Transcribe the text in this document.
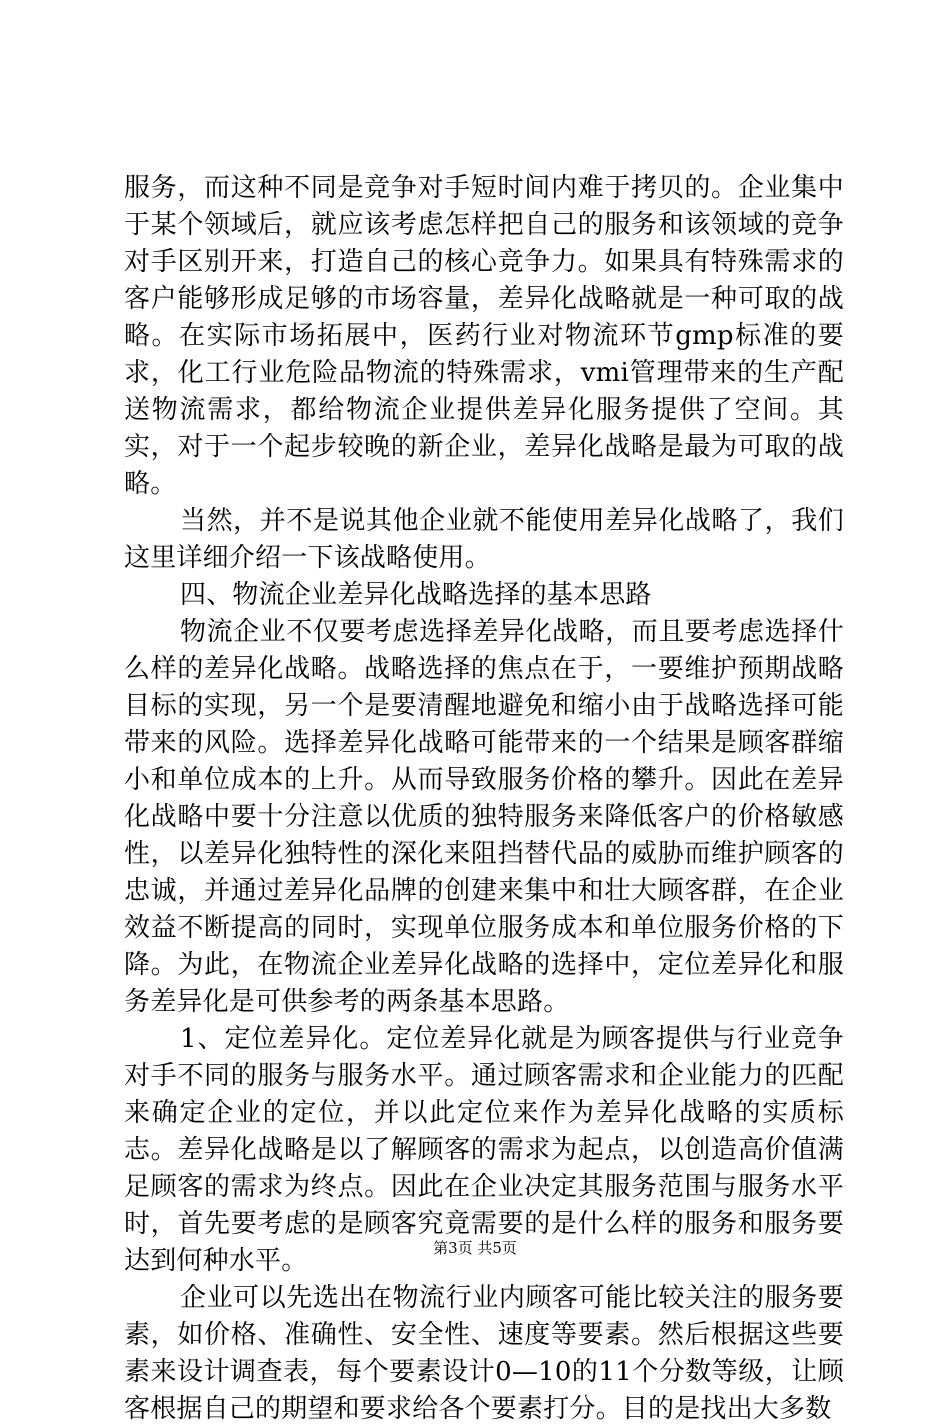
服务，而这种不同是竞争对手短时间内难于拷贝的。企业集中于某个领域后，就应该考虑怎样把自己的服务和该领域的竞争对手区别开来，打造自己的核心竞争力。如果具有特殊需求的客户能够形成足够的市场容量，差异化战略就是一种可取的战略。在实际市场拓展中，医药行业对物流环节gmp标准的要求，化工行业危险品物流的特殊需求，vmi管理带来的生产配送物流需求，都给物流企业提供差异化服务提供了空间。其实，对于一个起步较晚的新企业，差异化战略是最为可取的战略。

当然，并不是说其他企业就不能使用差异化战略了，我们这里详细介绍一下该战略使用。

四、物流企业差异化战略选择的基本思路

物流企业不仅要考虑选择差异化战略，而且要考虑选择什么样的差异化战略。战略选择的焦点在于，一要维护预期战略目标的实现，另一个是要清醒地避免和缩小由于战略选择可能带来的风险。选择差异化战略可能带来的一个结果是顾客群缩小和单位成本的上升。从而导致服务价格的攀升。因此在差异化战略中要十分注意以优质的独特服务来降低客户的价格敏感性，以差异化独特性的深化来阻挡替代品的威胁而维护顾客的忠诚，并通过差异化品牌的创建来集中和壮大顾客群，在企业效益不断提高的同时，实现单位服务成本和单位服务价格的下降。为此，在物流企业差异化战略的选择中，定位差异化和服务差异化是可供参考的两条基本思路。

1、定位差异化。定位差异化就是为顾客提供与行业竞争对手不同的服务与服务水平。通过顾客需求和企业能力的匹配来确定企业的定位，并以此定位来作为差异化战略的实质标志。差异化战略是以了解顾客的需求为起点，以创造高价值满足顾客的需求为终点。因此在企业决定其服务范围与服务水平时，首先要考虑的是顾客究竟需要的是什么样的服务和服务要达到何种水平。

企业可以先选出在物流行业内顾客可能比较关注的服务要素，如价格、准确性、安全性、速度等要素。然后根据这些要素来设计调查表，每个要素设计0—10的11个分数等级，让顾客根据自己的期望和要求给各个要素打分。目的是找出大多数

第3页 共5页
